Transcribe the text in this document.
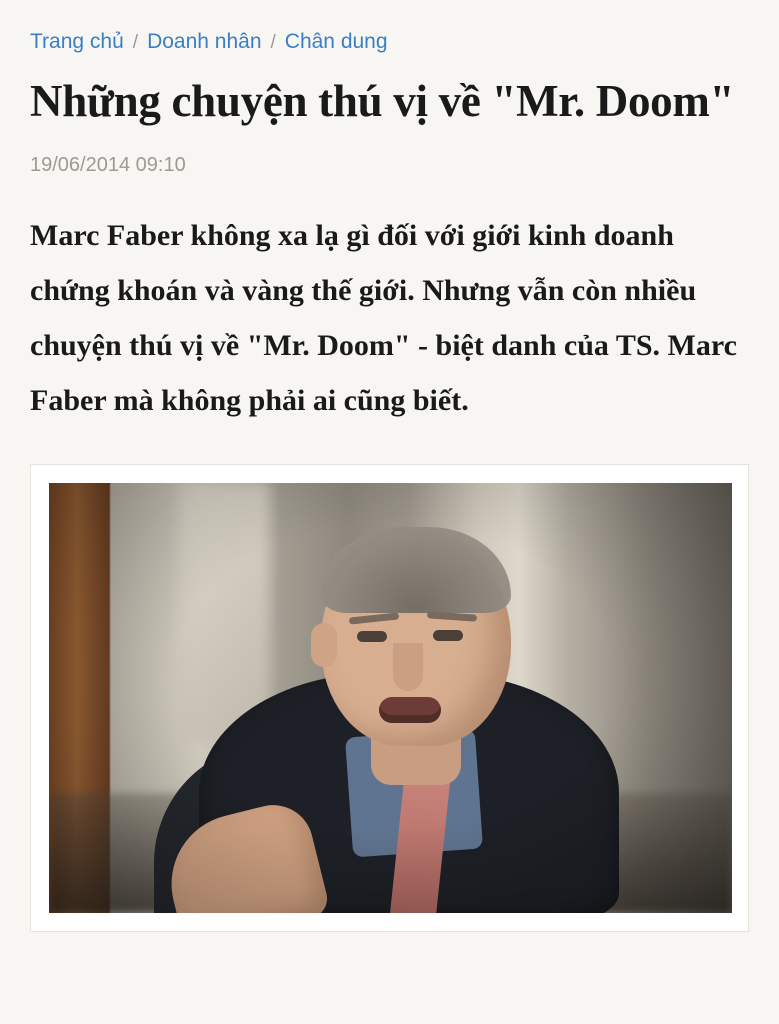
Trang chủ / Doanh nhân / Chân dung
Những chuyện thú vị về "Mr. Doom"
19/06/2014 09:10

Marc Faber không xa lạ gì đối với giới kinh doanh chứng khoán và vàng thế giới. Nhưng vẫn còn nhiều chuyện thú vị về "Mr. Doom" - biệt danh của TS. Marc Faber mà không phải ai cũng biết.
